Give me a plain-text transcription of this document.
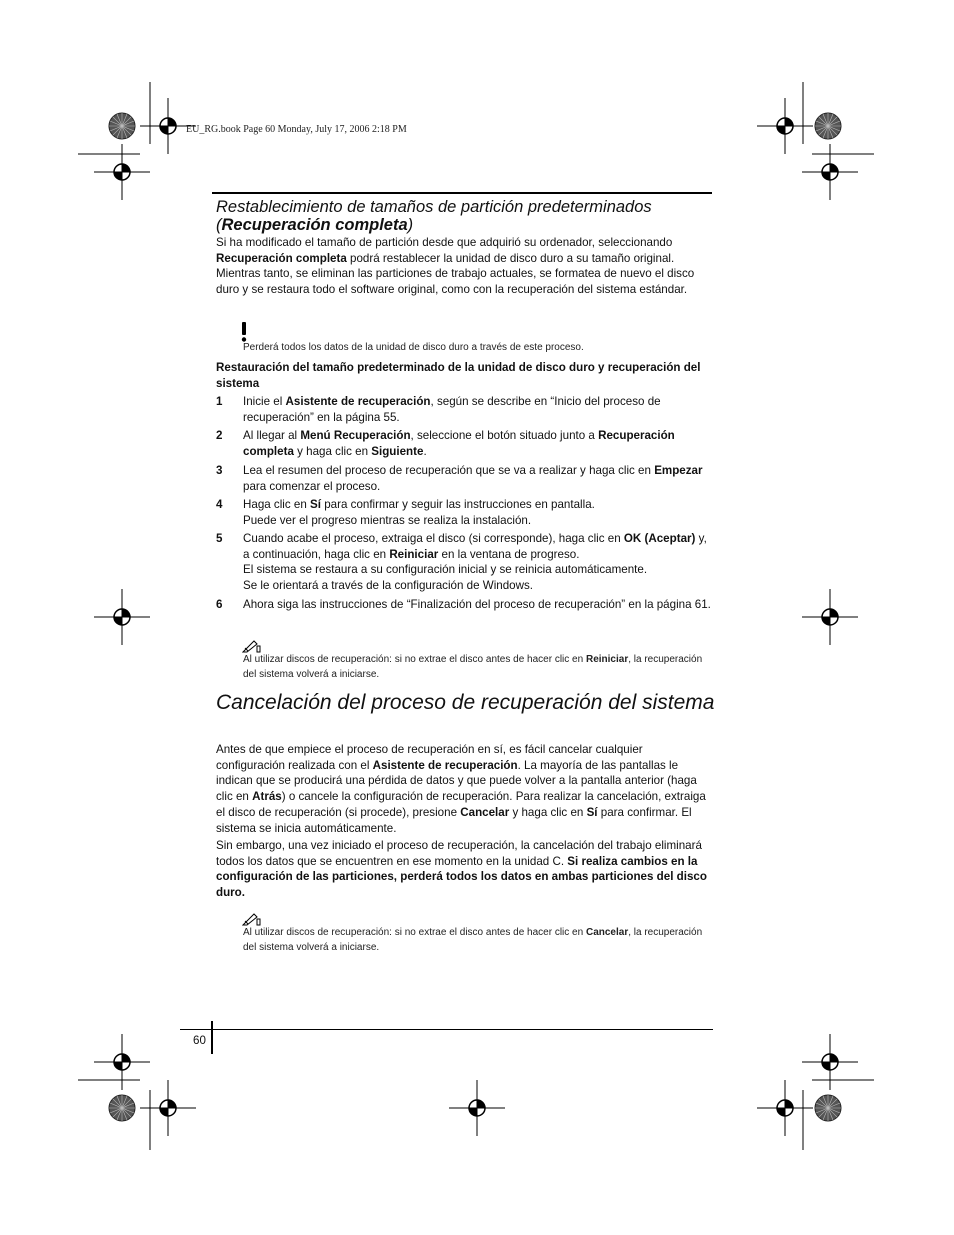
EU_RG.book Page 60 Monday, July 17, 2006 2:18 PM
Restablecimiento de tamaños de partición predeterminados
(Recuperación completa)
Si ha modificado el tamaño de partición desde que adquirió su ordenador, seleccionando Recuperación completa podrá restablecer la unidad de disco duro a su tamaño original. Mientras tanto, se eliminan las particiones de trabajo actuales, se formatea de nuevo el disco duro y se restaura todo el software original, como con la recuperación del sistema estándar.
Perderá todos los datos de la unidad de disco duro a través de este proceso.
Restauración del tamaño predeterminado de la unidad de disco duro y recuperación del sistema
1 Inicie el Asistente de recuperación, según se describe en “Inicio del proceso de recuperación” en la página 55.
2 Al llegar al Menú Recuperación, seleccione el botón situado junto a Recuperación completa y haga clic en Siguiente.
3 Lea el resumen del proceso de recuperación que se va a realizar y haga clic en Empezar para comenzar el proceso.
4 Haga clic en Sí para confirmar y seguir las instrucciones en pantalla.
Puede ver el progreso mientras se realiza la instalación.
5 Cuando acabe el proceso, extraiga el disco (si corresponde), haga clic en OK (Aceptar) y, a continuación, haga clic en Reiniciar en la ventana de progreso.
El sistema se restaura a su configuración inicial y se reinicia automáticamente.
Se le orientará a través de la configuración de Windows.
6 Ahora siga las instrucciones de “Finalización del proceso de recuperación” en la página 61.
Al utilizar discos de recuperación: si no extrae el disco antes de hacer clic en Reiniciar, la recuperación del sistema volverá a iniciarse.
Cancelación del proceso de recuperación del sistema
Antes de que empiece el proceso de recuperación en sí, es fácil cancelar cualquier configuración realizada con el Asistente de recuperación. La mayoría de las pantallas le indican que se producirá una pérdida de datos y que puede volver a la pantalla anterior (haga clic en Atrás) o cancele la configuración de recuperación. Para realizar la cancelación, extraiga el disco de recuperación (si procede), presione Cancelar y haga clic en Sí para confirmar. El sistema se inicia automáticamente.
Sin embargo, una vez iniciado el proceso de recuperación, la cancelación del trabajo eliminará todos los datos que se encuentren en ese momento en la unidad C. Si realiza cambios en la configuración de las particiones, perderá todos los datos en ambas particiones del disco duro.
Al utilizar discos de recuperación: si no extrae el disco antes de hacer clic en Cancelar, la recuperación del sistema volverá a iniciarse.
60
